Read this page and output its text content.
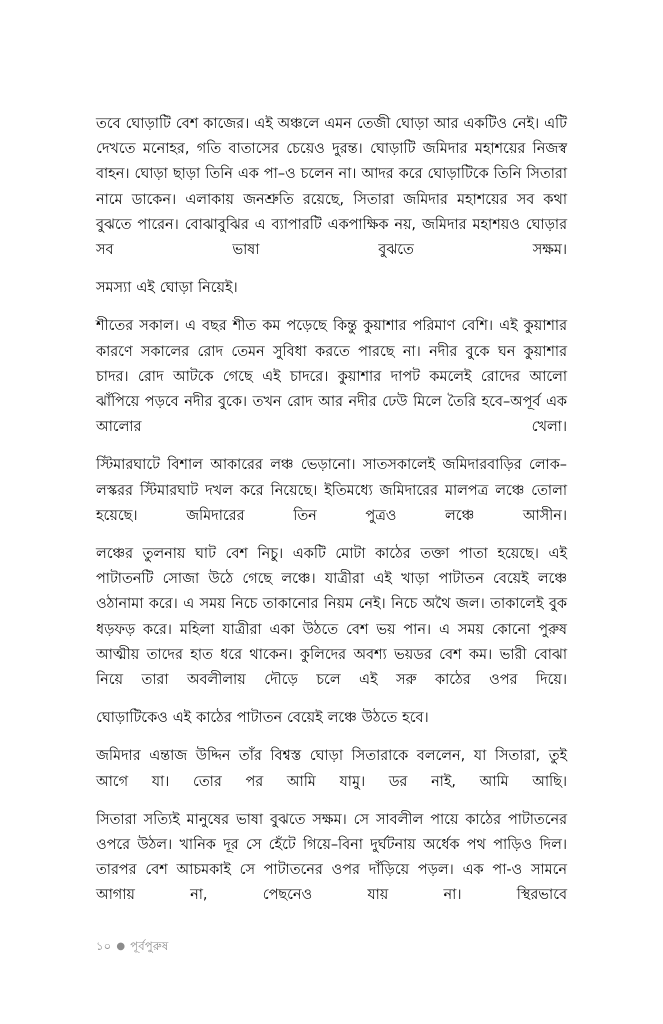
তবে ঘোড়াটি বেশ কাজের। এই অঞ্চলে এমন তেজী ঘোড়া আর একটিও নেই। এটি দেখতে মনোহর, গতি বাতাসের চেয়েও দুরন্ত। ঘোড়াটি জমিদার মহাশয়ের নিজস্ব বাহন। ঘোড়া ছাড়া তিনি এক পা–ও চলেন না। আদর করে ঘোড়াটিকে তিনি সিতারা নামে ডাকেন। এলাকায় জনশ্রুতি রয়েছে, সিতারা জমিদার মহাশয়ের সব কথা বুঝতে পারেন। বোঝাবুঝির এ ব্যাপারটি একপাক্ষিক নয়, জমিদার মহাশয়ও ঘোড়ার সব ভাষা বুঝতে সক্ষম।

সমস্যা এই ঘোড়া নিয়েই।

শীতের সকাল। এ বছর শীত কম পড়েছে কিন্তু কুয়াশার পরিমাণ বেশি। এই কুয়াশার কারণে সকালের রোদ তেমন সুবিধা করতে পারছে না। নদীর বুকে ঘন কুয়াশার চাদর। রোদ আটকে গেছে এই চাদরে। কুয়াশার দাপট কমলেই রোদের আলো ঝাঁপিয়ে পড়বে নদীর বুকে। তখন রোদ আর নদীর ঢেউ মিলে তৈরি হবে–অপূর্ব এক আলোর খেলা।

স্টিমারঘাটে বিশাল আকারের লঞ্চ ভেড়ানো। সাতসকালেই জমিদারবাড়ির লোক–লস্করর স্টিমারঘাট দখল করে নিয়েছে। ইতিমধ্যে জমিদারের মালপত্র লঞ্চে তোলা হয়েছে। জমিদারের তিন পুত্রও লঞ্চে আসীন।

লঞ্চের তুলনায় ঘাট বেশ নিচু। একটি মোটা কাঠের তক্তা পাতা হয়েছে। এই পাটাতনটি সোজা উঠে গেছে লঞ্চে। যাত্রীরা এই খাড়া পাটাতন বেয়েই লঞ্চে ওঠানামা করে। এ সময় নিচে তাকানোর নিয়ম নেই। নিচে অথৈ জল। তাকালেই বুক ধড়ফড় করে। মহিলা যাত্রীরা একা উঠতে বেশ ভয় পান। এ সময় কোনো পুরুষ আত্মীয় তাদের হাত ধরে থাকেন। কুলিদের অবশ্য ভয়ডর বেশ কম। ভারী বোঝা নিয়ে তারা অবলীলায় দৌড়ে চলে এই সরু কাঠের ওপর দিয়ে।

ঘোড়াটিকেও এই কাঠের পাটাতন বেয়েই লঞ্চে উঠতে হবে।

জমিদার এন্তাজ উদ্দিন তাঁর বিশ্বস্ত ঘোড়া সিতারাকে বললেন, যা সিতারা, তুই আগে যা। তোর পর আমি যামু। ডর নাই, আমি আছি।

সিতারা সত্যিই মানুষের ভাষা বুঝতে সক্ষম। সে সাবলীল পায়ে কাঠের পাটাতনের ওপরে উঠল। খানিক দূর সে হেঁটে গিয়ে–বিনা দুর্ঘটনায় অর্ধেক পথ পাড়িও দিল। তারপর বেশ আচমকাই সে পাটাতনের ওপর দাঁড়িয়ে পড়ল। এক পা-ও সামনে আগায় না, পেছনেও যায় না। স্থিরভাবে

১০ ● পূর্বপুরুষ
